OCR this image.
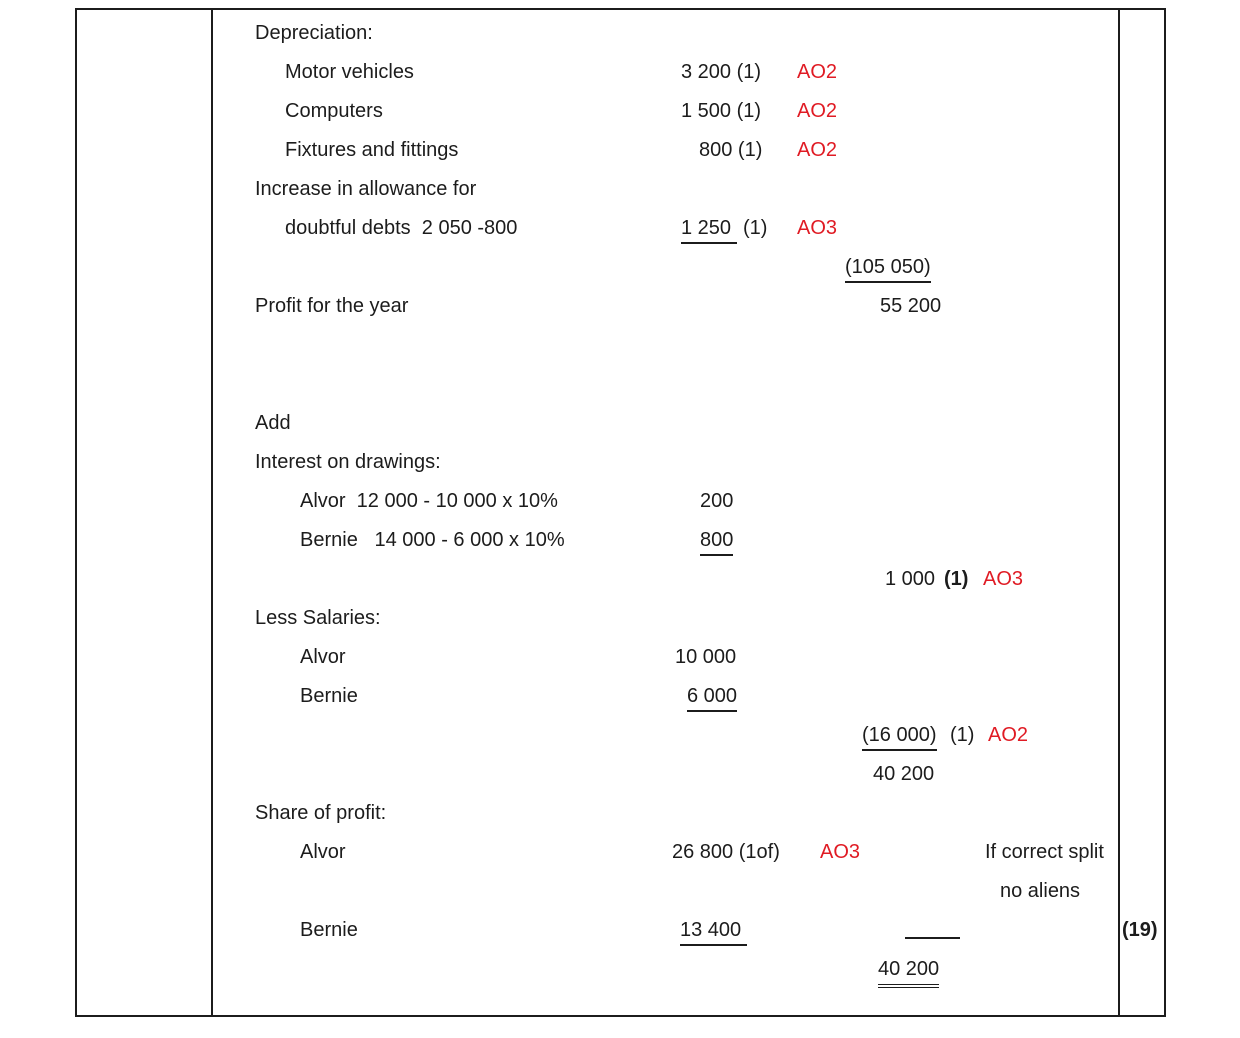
Depreciation:
Motor vehicles	3 200 (1) AO2
Computers	1 500 (1) AO2
Fixtures and fittings	800 (1) AO2
Increase in allowance for
doubtful debts  2 050 -800	1 250 (1) AO3
(105 050)
Profit for the year	55 200
Add
Interest on drawings:
Alvor  12 000 - 10 000 x 10%	200
Bernie   14 000 - 6 000 x 10%	800
1 000 (1) AO3
Less Salaries:
Alvor	10 000
Bernie	6 000
(16 000) (1) AO2
40 200
Share of profit:
Alvor	26 800 (1of) AO3	If correct split
no aliens
Bernie	13 400
40 200
(19)
